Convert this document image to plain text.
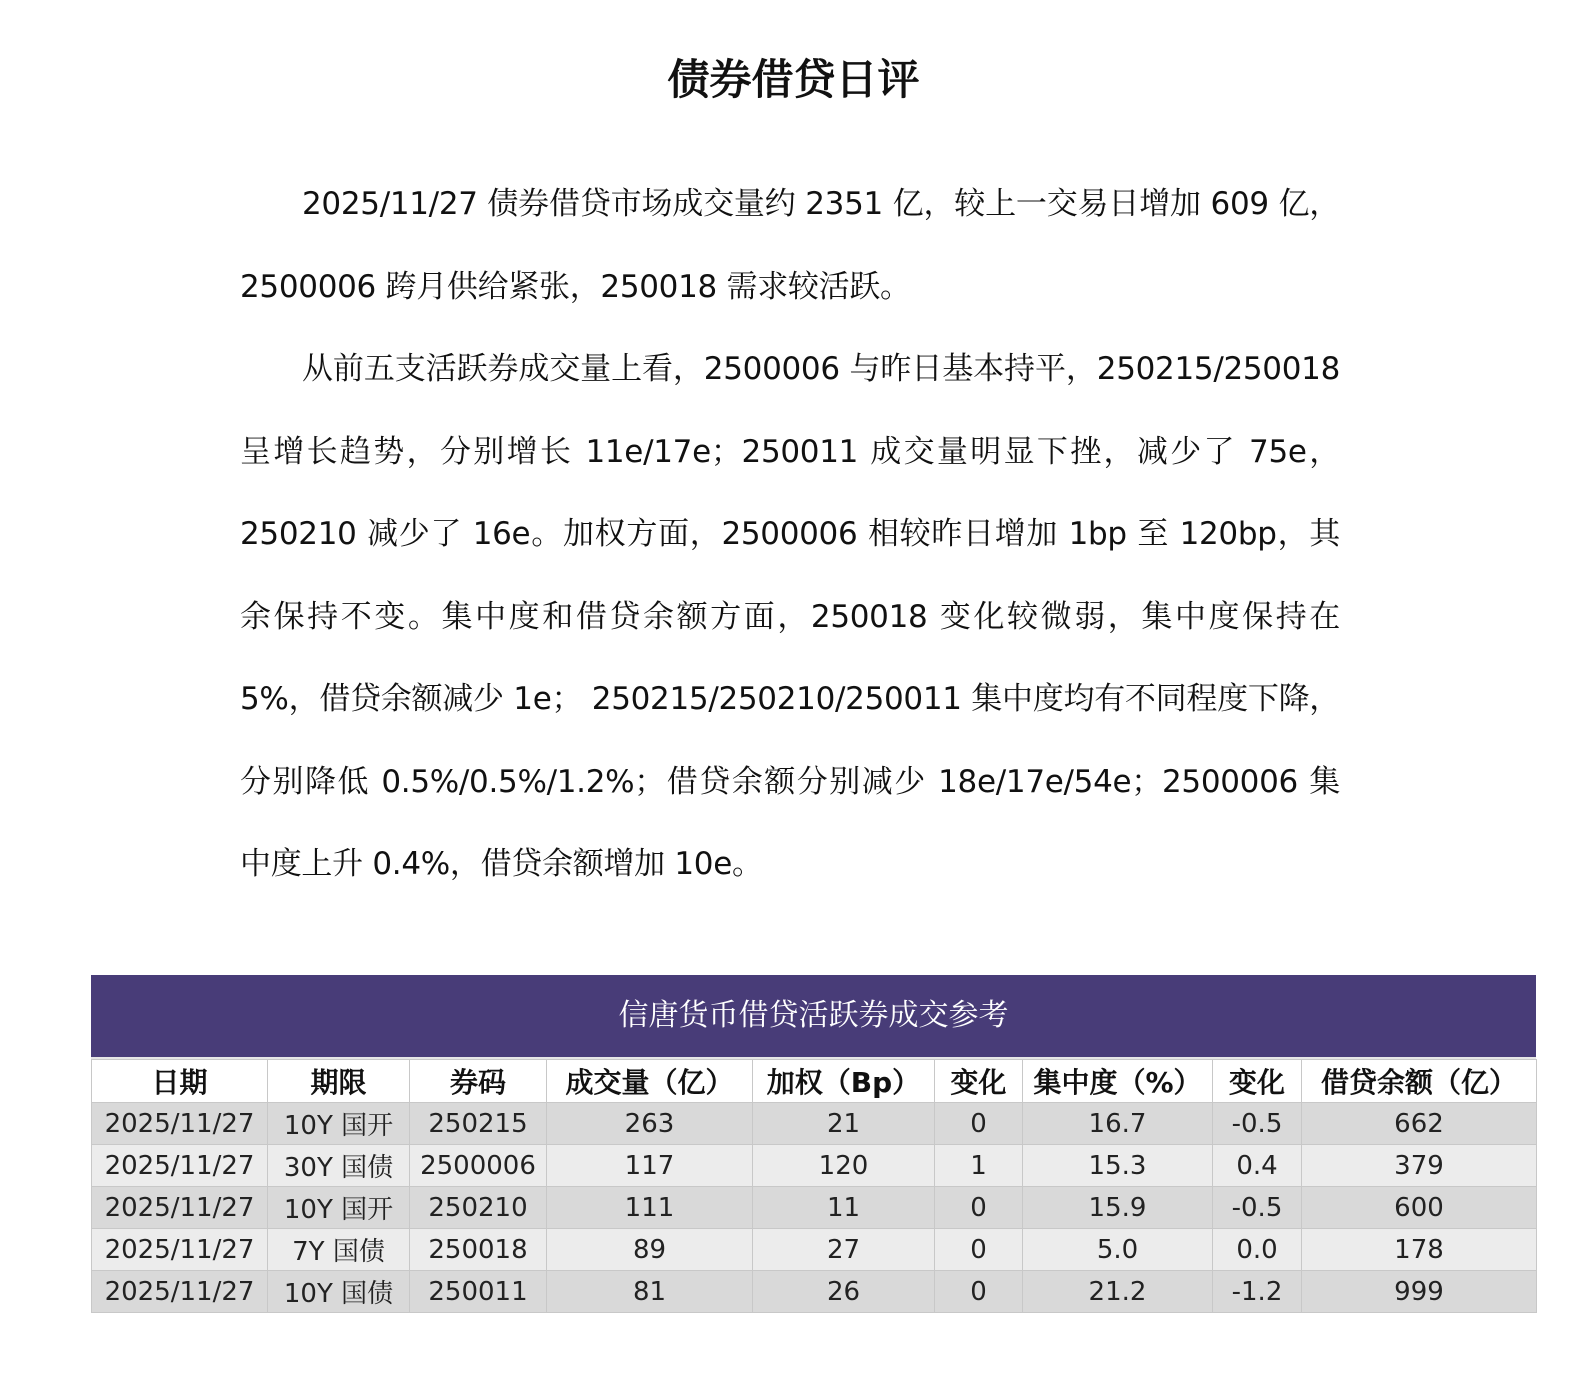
债券借贷日评

2025/11/27 债券借贷市场成交量约 2351 亿，较上一交易日增加 609 亿，2500006 跨月供给紧张，250018 需求较活跃。

从前五支活跃券成交量上看，2500006 与昨日基本持平，250215/250018 呈增长趋势，分别增长 11e/17e；250011 成交量明显下挫，减少了 75e，250210 减少了 16e。加权方面，2500006 相较昨日增加 1bp 至 120bp，其余保持不变。集中度和借贷余额方面，250018 变化较微弱，集中度保持在 5%，借贷余额减少 1e； 250215/250210/250011 集中度均有不同程度下降，分别降低 0.5%/0.5%/1.2%；借贷余额分别减少 18e/17e/54e；2500006 集中度上升 0.4%，借贷余额增加 10e。

信唐货币借贷活跃券成交参考
日期	期限	券码	成交量（亿）	加权（Bp）	变化	集中度（%）	变化	借贷余额（亿）
2025/11/27	10Y 国开	250215	263	21	0	16.7	-0.5	662
2025/11/27	30Y 国债	2500006	117	120	1	15.3	0.4	379
2025/11/27	10Y 国开	250210	111	11	0	15.9	-0.5	600
2025/11/27	7Y 国债	250018	89	27	0	5.0	0.0	178
2025/11/27	10Y 国债	250011	81	26	0	21.2	-1.2	999
